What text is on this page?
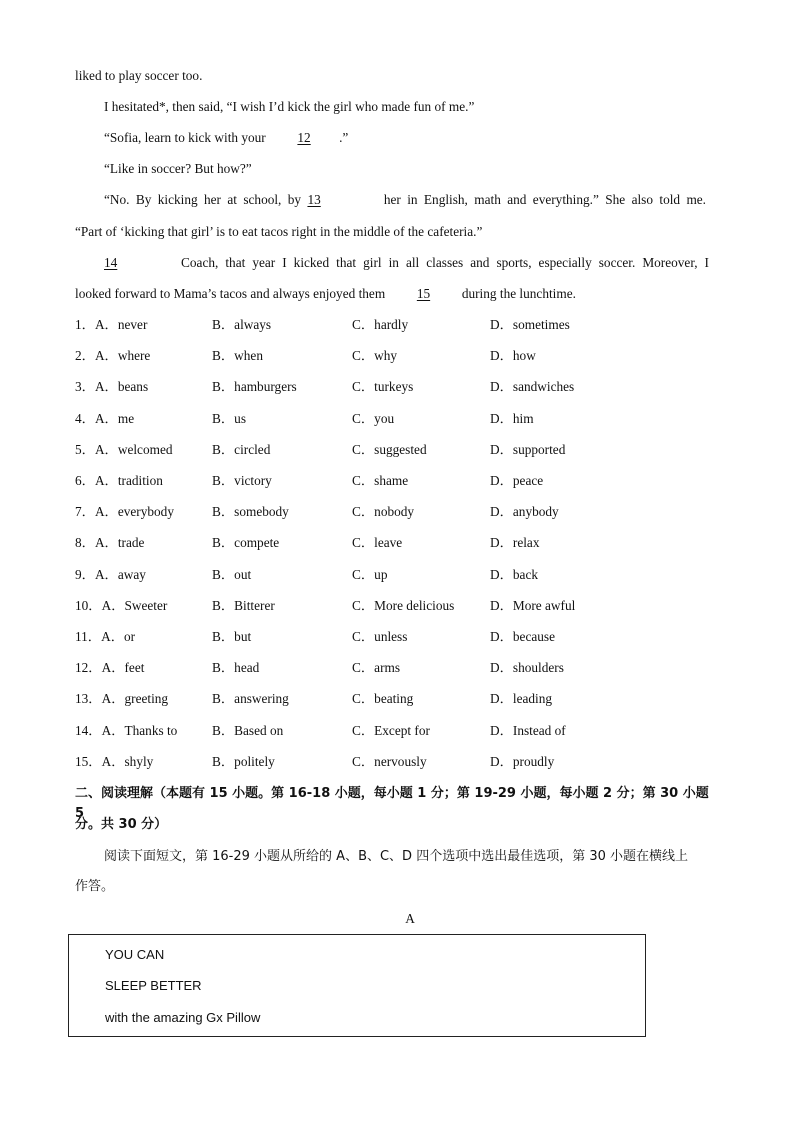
liked to play soccer too.
I hesitated*, then said, “I wish I’d kick the girl who made fun of me.”
“Sofia, learn to kick with your 12 .”
“Like in soccer? But how?”
“No. By kicking her at school, by 13	her in English, math and everything.” She also told me.
“Part of ‘kicking that girl’ is to eat tacos right in the middle of the cafeteria.”
14	Coach, that year I kicked that girl in all classes and sports, especially soccer. Moreover, I
looked forward to Mama’s tacos and always enjoyed them 15 during the lunchtime.
1．A．never	B．always	C．hardly	D．sometimes
2．A．where	B．when	C．why	D．how
3．A．beans	B．hamburgers	C．turkeys	D．sandwiches
4．A．me	B．us	C．you	D．him
5．A．welcomed	B．circled	C．suggested	D．supported
6．A．tradition	B．victory	C．shame	D．peace
7．A．everybody	B．somebody	C．nobody	D．anybody
8．A．trade	B．compete	C．leave	D．relax
9．A．away	B．out	C．up	D．back
10．A．Sweeter	B．Bitterer	C．More delicious	D．More awful
11．A．or	B．but	C．unless	D．because
12．A．feet	B．head	C．arms	D．shoulders
13．A．greeting	B．answering	C．beating	D．leading
14．A．Thanks to	B．Based on	C．Except for	D．Instead of
15．A．shyly	B．politely	C．nervously	D．proudly
二、阅读理解（本题有 15 小题。第 16-18 小题，每小题 1 分；第 19-29 小题，每小题 2 分；第 30 小题 5
分。共 30 分）
阅读下面短文，第 16-29 小题从所给的 A、B、C、D 四个选项中选出最佳选项，第 30 小题在横线上
作答。
A
YOU CAN
SLEEP BETTER
with the amazing Gx Pillow
